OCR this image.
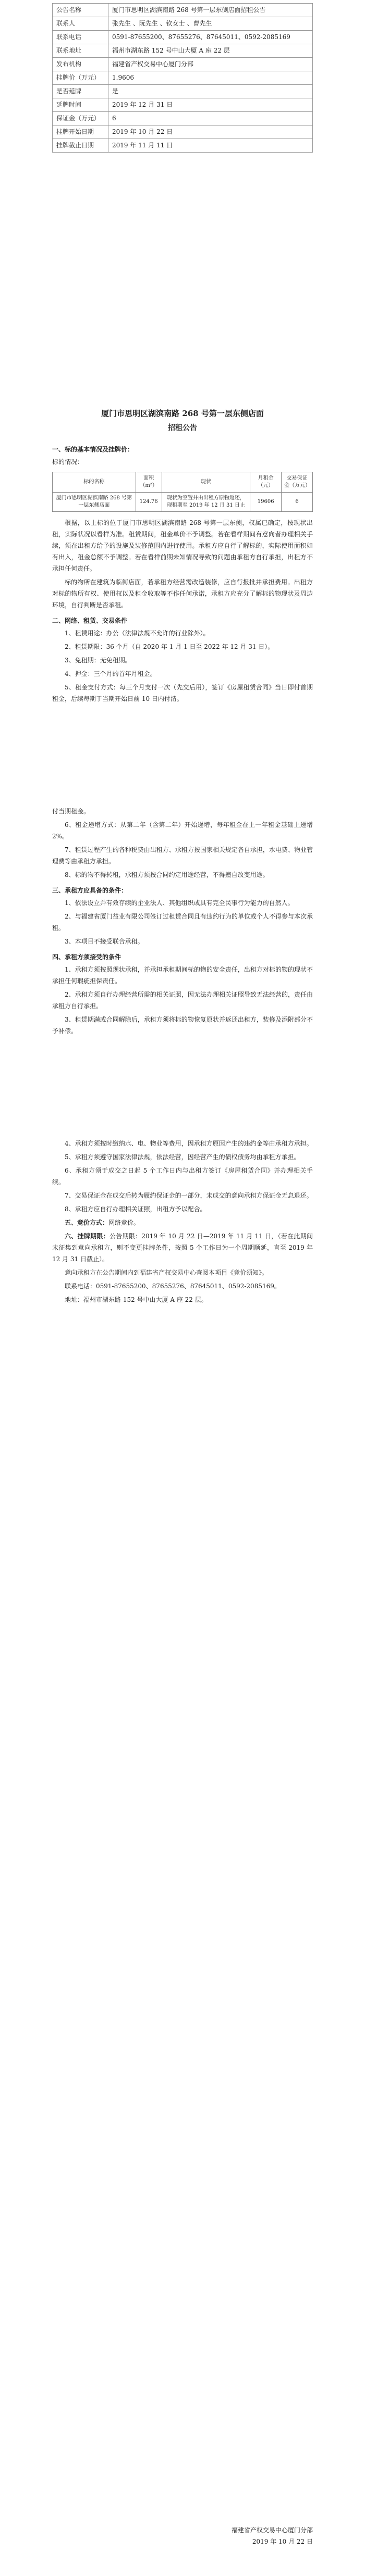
公告名称	厦门市思明区湖滨南路 268 号第一层东侧店面招租公告
联系人	张先生 、阮先生 、钦女士 、曹先生
联系电话	0591-87655200、87655276、87645011、0592-2085169
联系地址	福州市湖东路 152 号中山大厦 A 座 22 层
发布机构	福建省产权交易中心厦门分部
挂牌价（万元）	1.9606
是否延牌	是
延牌时间	2019 年 12 月 31 日
保证金（万元）	6
挂牌开始日期	2019 年 10 月 22 日
挂牌截止日期	2019 年 11 月 11 日

厦门市思明区湖滨南路 268 号第一层东侧店面

招租公告

一、标的基本情况及挂牌价：

标的情况：

标的名称	面积（m²）	现状	月租金（元）	交易保证金（万元）
厦门市思明区湖滨南路 268 号第一层东侧店面	124.76	现状为空置并由出租方原物返还，现租期至 2019 年 12 月 31 日止	19606	6

根据，以上标的位于厦门市思明区湖滨南路 268 号第一层东侧，权属已确定，按现状出租，实际状况以看样为准。租赁期间，租金单价不予调整。若在看样期间有意向者办理相关手续，须在出租方给予的设施及装修范围内进行使用。承租方应自行了解标的，实际使用面积如有出入，租金总额不予调整。若在看样前期未知情况导致的问题由承租方自行承担，出租方不承担任何责任。

标的物所在建筑为临街店面，若承租方经营需改造装修，应自行报批并承担费用。出租方对标的物所有权、使用权以及租金收取等不作任何承诺，承租方应充分了解标的物现状及周边环境，自行判断是否承租。

二、网络、租赁、交易条件

1、租赁用途：办公（法律法规不允许的行业除外）。

2、租赁期限：36 个月（自 2020 年 1 月 1 日至 2022 年 12 月 31 日）。

3、免租期：无免租期。

4、押金：三个月的首年月租金。

5、租金支付方式：每三个月支付一次（先交后用），签订《房屋租赁合同》当日即付首期租金，后续每期于当期开始日前 10 日内付清。

付当期租金。

6、租金递增方式：从第二年（含第二年）开始递增，每年租金在上一年租金基础上递增 2%。

7、租赁过程产生的各种税费由出租方、承租方按国家相关规定各自承担，水电费、物业管理费等由承租方承担。

8、标的物不得转租，承租方须按合同约定用途经营，不得擅自改变用途。

三、承租方应具备的条件：

1、依法设立并有效存续的企业法人、其他组织或具有完全民事行为能力的自然人。

2、与福建省厦门益业有限公司签订过租赁合同且有违约行为的单位或个人不得参与本次承租。

3、本项目不接受联合承租。

四、承租方须接受的条件

1、承租方须按照现状承租，并承担承租期间标的物的安全责任，出租方对标的物的现状不承担任何瑕疵担保责任。

2、承租方须自行办理经营所需的相关证照，因无法办理相关证照导致无法经营的，责任由承租方自行承担。

3、租赁期满或合同解除后，承租方须将标的物恢复原状并返还出租方，装修及添附部分不予补偿。

4、承租方须按时缴纳水、电、物业等费用，因承租方原因产生的违约金等由承租方承担。

5、承租方须遵守国家法律法规，依法经营，因经营产生的债权债务均由承租方承担。

6、承租方须于成交之日起 5 个工作日内与出租方签订《房屋租赁合同》并办理相关手续。

7、交易保证金在成交后转为履约保证金的一部分，未成交的意向承租方保证金无息退还。

8、承租方应自行办理相关证照，出租方予以配合。

五、竞价方式：网络竞价。

六、挂牌期限：公告期限：2019 年 10 月 22 日—2019 年 11 月 11 日，（若在此期间未征集到意向承租方，则不变更挂牌条件，按照 5 个工作日为一个周期顺延，直至 2019 年 12 月 31 日截止）。

意向承租方在公告期间内到福建省产权交易中心查阅本项目《竞价须知》。

联系电话：0591-87655200、87655276、87645011、0592-2085169。

地址：福州市湖东路 152 号中山大厦 A 座 22 层。

福建省产权交易中心厦门分部
2019 年 10 月 22 日
